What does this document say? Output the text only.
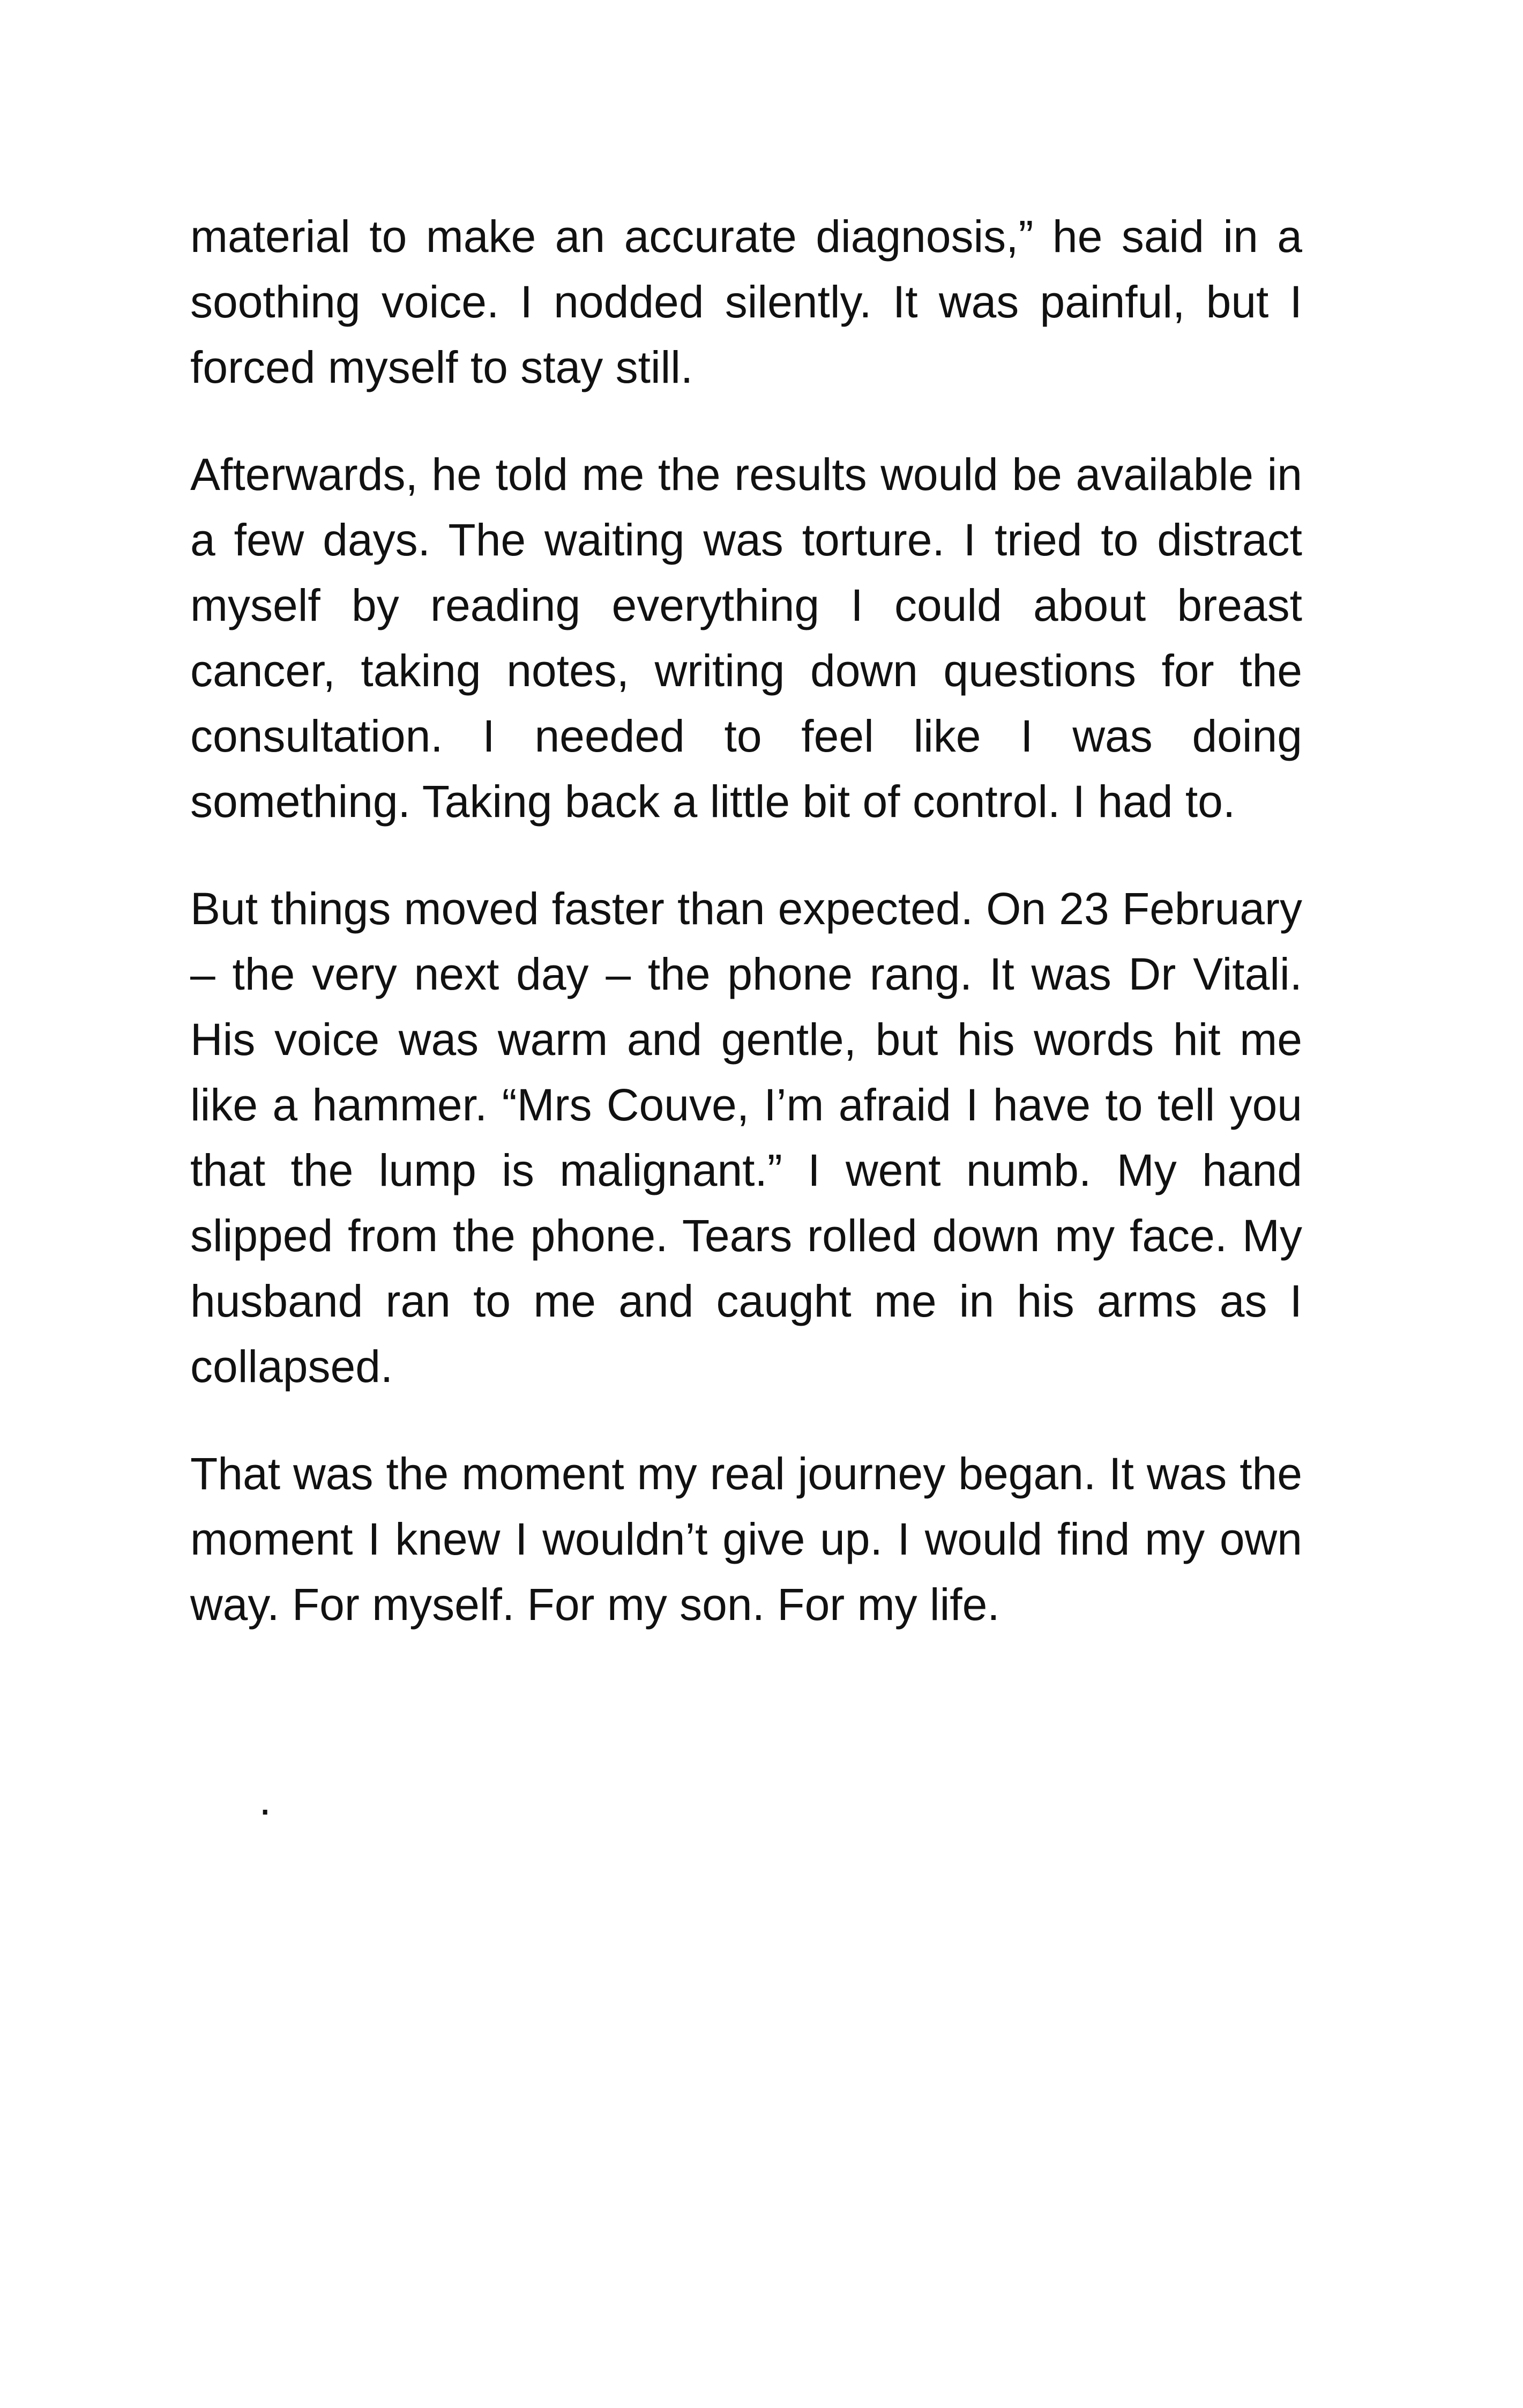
material to make an accurate diagnosis,” he said in a soothing voice. I nodded silently. It was painful, but I forced myself to stay still.

Afterwards, he told me the results would be available in a few days. The waiting was torture. I tried to distract myself by reading everything I could about breast cancer, taking notes, writing down questions for the consultation. I needed to feel like I was doing something. Taking back a little bit of control. I had to.

But things moved faster than expected. On 23 February – the very next day – the phone rang. It was Dr Vitali. His voice was warm and gentle, but his words hit me like a hammer. “Mrs Couve, I’m afraid I have to tell you that the lump is malignant.” I went numb. My hand slipped from the phone. Tears rolled down my face. My husband ran to me and caught me in his arms as I collapsed.

That was the moment my real journey began. It was the moment I knew I wouldn’t give up. I would find my own way. For myself. For my son. For my life.

.
